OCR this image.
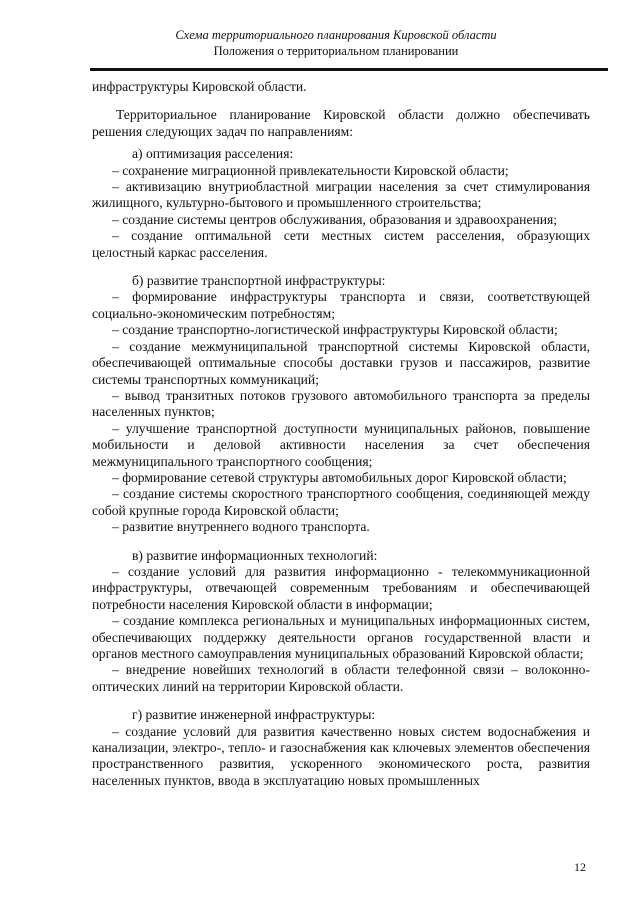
Схема территориального планирования Кировской области
Положения о территориальном планировании

инфраструктуры Кировской области.

Территориальное планирование Кировской области должно обеспечивать решения следующих задач по направлениям:

а) оптимизация расселения:

– сохранение миграционной привлекательности Кировской области;

– активизацию внутриобластной миграции населения за счет стимулирования жилищного, культурно-бытового и промышленного строительства;

– создание системы центров обслуживания, образования и здравоохранения;

– создание оптимальной сети местных систем расселения, образующих целостный каркас расселения.

б) развитие транспортной инфраструктуры:

– формирование инфраструктуры транспорта и связи, соответствующей социально-экономическим потребностям;

– создание транспортно-логистической инфраструктуры Кировской области;

– создание межмуниципальной транспортной системы Кировской области, обеспечивающей оптимальные способы доставки грузов и пассажиров, развитие системы транспортных коммуникаций;

– вывод транзитных потоков грузового автомобильного транспорта за пределы населенных пунктов;

– улучшение транспортной доступности муниципальных районов, повышение мобильности и деловой активности населения за счет обеспечения межмуниципального транспортного сообщения;

– формирование сетевой структуры автомобильных дорог Кировской области;

– создание системы скоростного транспортного сообщения, соединяющей между собой крупные города Кировской области;

– развитие внутреннего водного транспорта.

в) развитие информационных технологий:

– создание условий для развития информационно - телекоммуникационной инфраструктуры, отвечающей современным требованиям и обеспечивающей потребности населения Кировской области в информации;

– создание комплекса региональных и муниципальных информационных систем, обеспечивающих поддержку деятельности органов государственной власти и органов местного самоуправления муниципальных образований Кировской области;

– внедрение новейших технологий в области телефонной связи – волоконно-оптических линий на территории Кировской области.

г) развитие инженерной инфраструктуры:

– создание условий для развития качественно новых систем водоснабжения и канализации, электро-, тепло- и газоснабжения как ключевых элементов обеспечения пространственного развития, ускоренного экономического роста, развития населенных пунктов, ввода в эксплуатацию новых промышленных

12
